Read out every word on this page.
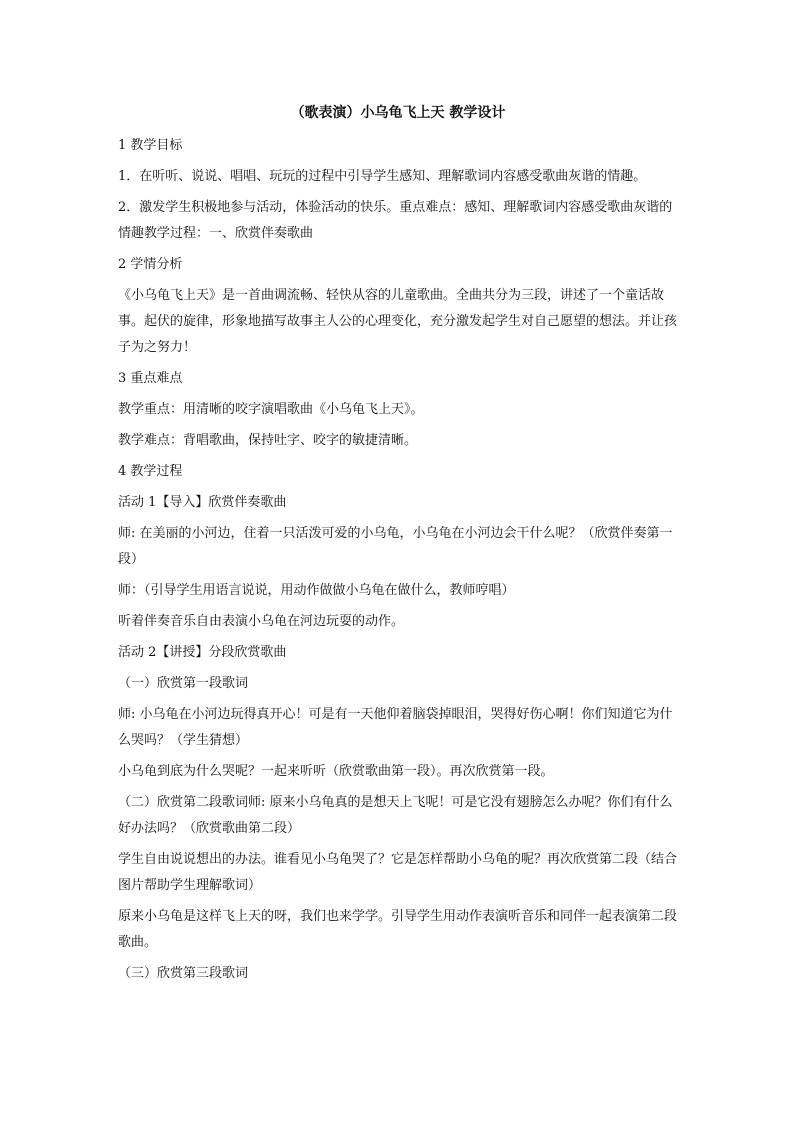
（歌表演）小乌龟飞上天 教学设计

1 教学目标

1．在听听、说说、唱唱、玩玩的过程中引导学生感知、理解歌词内容感受歌曲灰谐的情趣。

2．激发学生积极地参与活动，体验活动的快乐。重点难点：感知、理解歌词内容感受歌曲灰谐的情趣教学过程：一、欣赏伴奏歌曲

2 学情分析

《小乌龟飞上天》是一首曲调流畅、轻快从容的儿童歌曲。全曲共分为三段，讲述了一个童话故事。起伏的旋律，形象地描写故事主人公的心理变化，充分激发起学生对自己愿望的想法。并让孩子为之努力！

3 重点难点

教学重点：用清晰的咬字演唱歌曲《小乌龟飞上天》。

教学难点：背唱歌曲，保持吐字、咬字的敏捷清晰。

4 教学过程

活动 1【导入】欣赏伴奏歌曲

师: 在美丽的小河边，住着一只活泼可爱的小乌龟，小乌龟在小河边会干什么呢？（欣赏伴奏第一段）

师：（引导学生用语言说说，用动作做做小乌龟在做什么，教师哼唱）

听着伴奏音乐自由表演小乌龟在河边玩耍的动作。

活动 2【讲授】分段欣赏歌曲

（一）欣赏第一段歌词

师: 小乌龟在小河边玩得真开心！可是有一天他仰着脑袋掉眼泪，哭得好伤心啊！你们知道它为什么哭吗？（学生猜想）

小乌龟到底为什么哭呢？一起来听听（欣赏歌曲第一段）。再次欣赏第一段。

（二）欣赏第二段歌词师: 原来小乌龟真的是想天上飞呢！可是它没有翅膀怎么办呢？你们有什么好办法吗？（欣赏歌曲第二段）

学生自由说说想出的办法。谁看见小乌龟哭了？它是怎样帮助小乌龟的呢？再次欣赏第二段（结合图片帮助学生理解歌词）

原来小乌龟是这样飞上天的呀，我们也来学学。引导学生用动作表演听音乐和同伴一起表演第二段歌曲。

（三）欣赏第三段歌词
